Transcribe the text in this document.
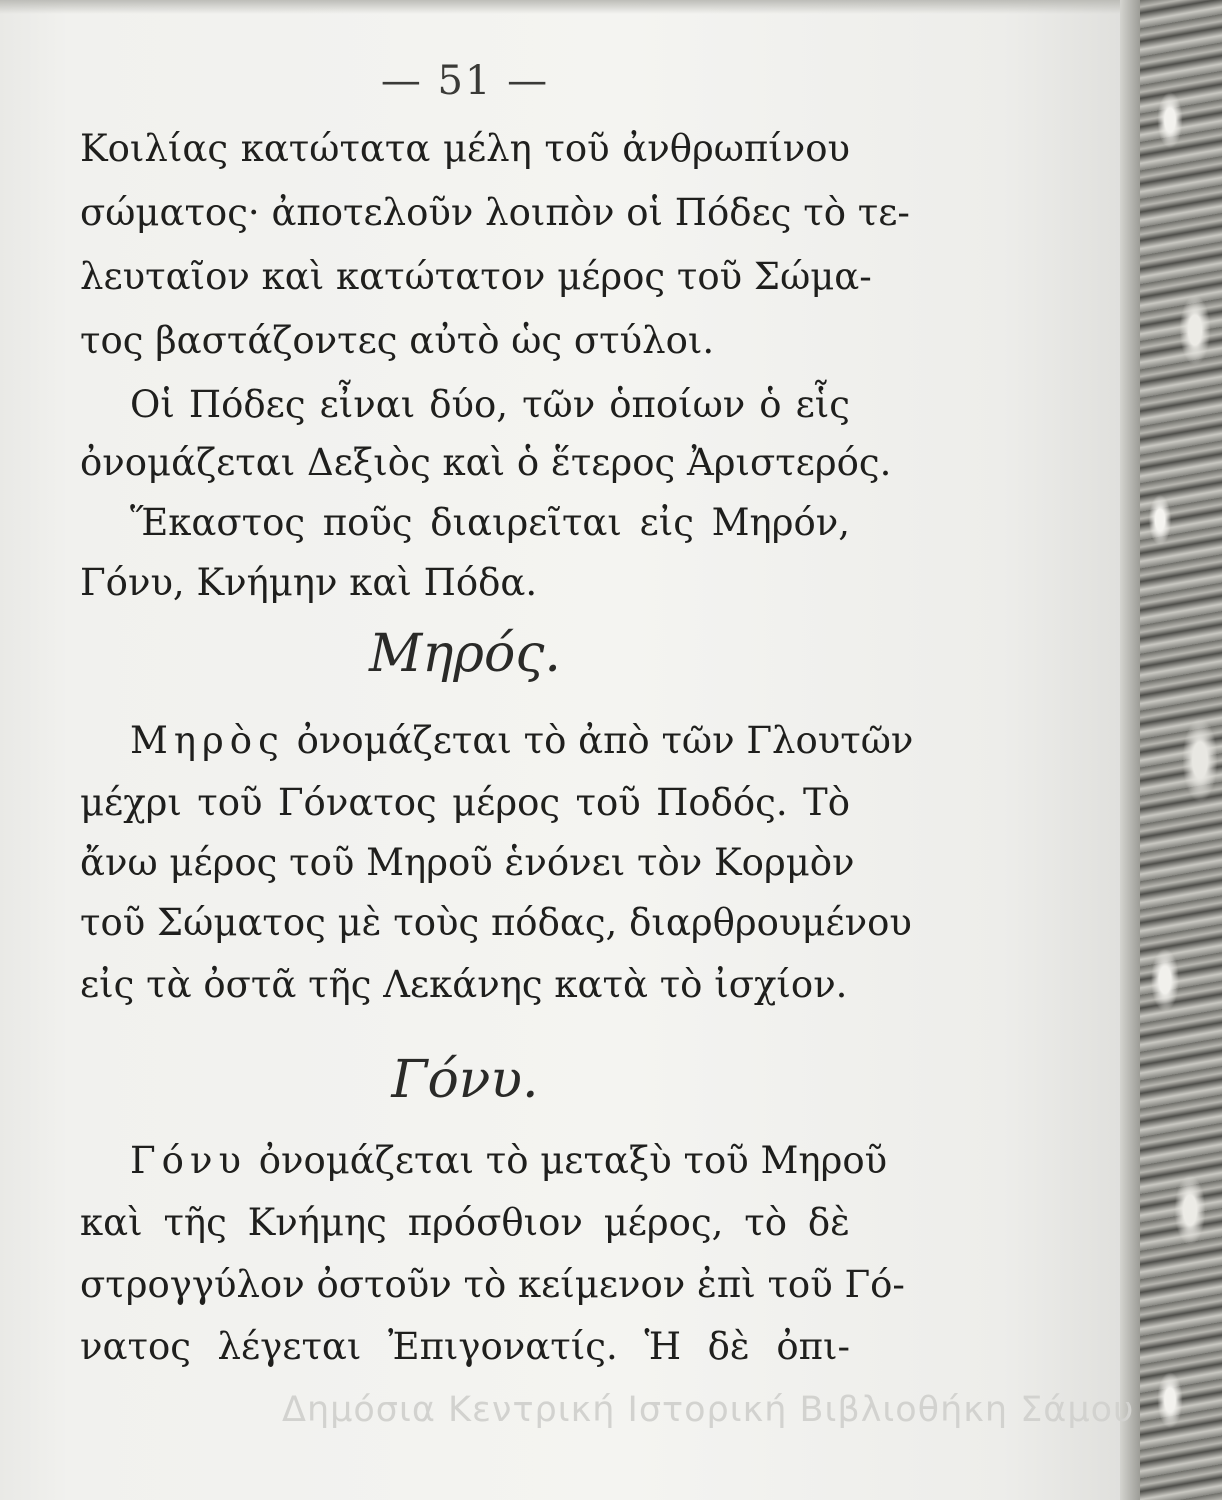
— 51 —
Κοιλίας κατώτατα μέλη τοῦ ἀνθρωπίνου
σώματος· ἀποτελοῦν λοιπὸν οἱ Πόδες τὸ τε-
λευταῖον καὶ κατώτατον μέρος τοῦ Σώμα-
τος βαστάζοντες αὐτὸ ὡς στύλοι.
Οἱ Πόδες εἶναι δύο, τῶν ὁποίων ὁ εἷς
ὀνομάζεται Δεξιὸς καὶ ὁ ἕτερος Ἀριστερός.
Ἕκαστος ποῦς διαιρεῖται εἰς Μηρόν,
Γόνυ, Κνήμην καὶ Πόδα.
Μηρός.
Μηρὸς ὀνομάζεται τὸ ἀπὸ τῶν Γλουτῶν
μέχρι τοῦ Γόνατος μέρος τοῦ Ποδός. Τὸ
ἄνω μέρος τοῦ Μηροῦ ἑνόνει τὸν Κορμὸν
τοῦ Σώματος μὲ τοὺς πόδας, διαρθρουμένου
εἰς τὰ ὀστᾶ τῆς Λεκάνης κατὰ τὸ ἰσχίον.
Γόνυ.
Γόνυ ὀνομάζεται τὸ μεταξὺ τοῦ Μηροῦ
καὶ τῆς Κνήμης πρόσθιον μέρος, τὸ δὲ
στρογγύλον ὀστοῦν τὸ κείμενον ἐπὶ τοῦ Γό-
νατος λέγεται Ἐπιγονατίς. Ἡ δὲ ὀπι-
Δημόσια Κεντρική Ιστορική Βιβλιοθήκη Σάμου
